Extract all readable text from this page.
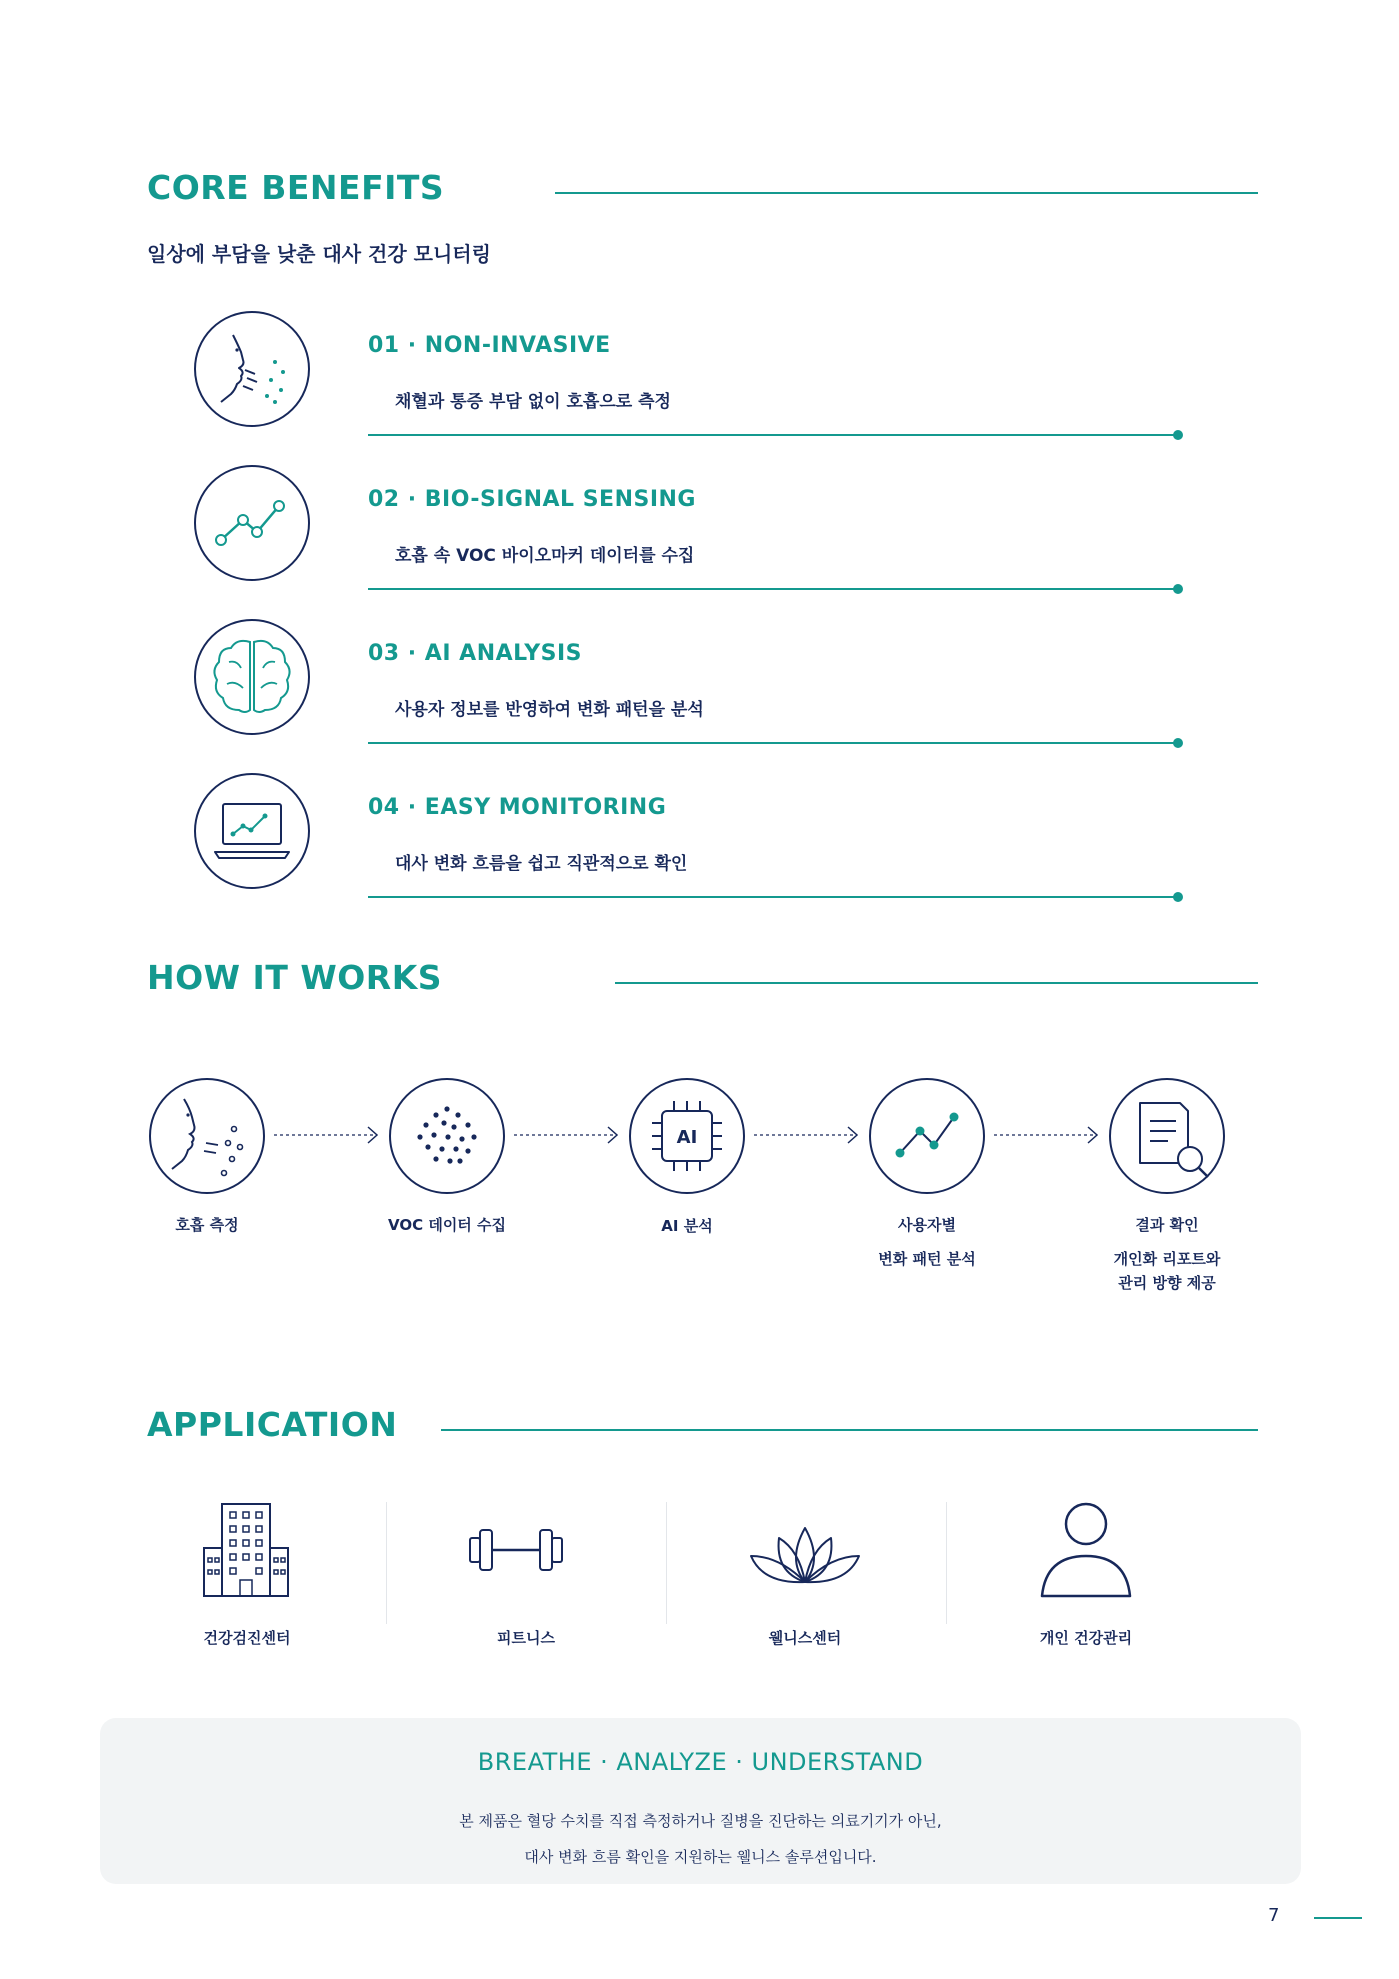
CORE BENEFITS
일상에 부담을 낮춘 대사 건강 모니터링
01 · NON-INVASIVE
채혈과 통증 부담 없이 호흡으로 측정
02 · BIO-SIGNAL SENSING
호흡 속 VOC 바이오마커 데이터를 수집
03 · AI ANALYSIS
사용자 정보를 반영하여 변화 패턴을 분석
04 · EASY MONITORING
대사 변화 흐름을 쉽고 직관적으로 확인
HOW IT WORKS
AI
호흡 측정	VOC 데이터 수집	AI 분석	사용자별
변화 패턴 분석
결과 확인
개인화 리포트와
관리 방향 제공
APPLICATION
건강검진센터	피트니스	웰니스센터	개인 건강관리
BREATHE · ANALYZE · UNDERSTAND
본 제품은 혈당 수치를 직접 측정하거나 질병을 진단하는 의료기기가 아닌,
대사 변화 흐름 확인을 지원하는 웰니스 솔루션입니다.
7
